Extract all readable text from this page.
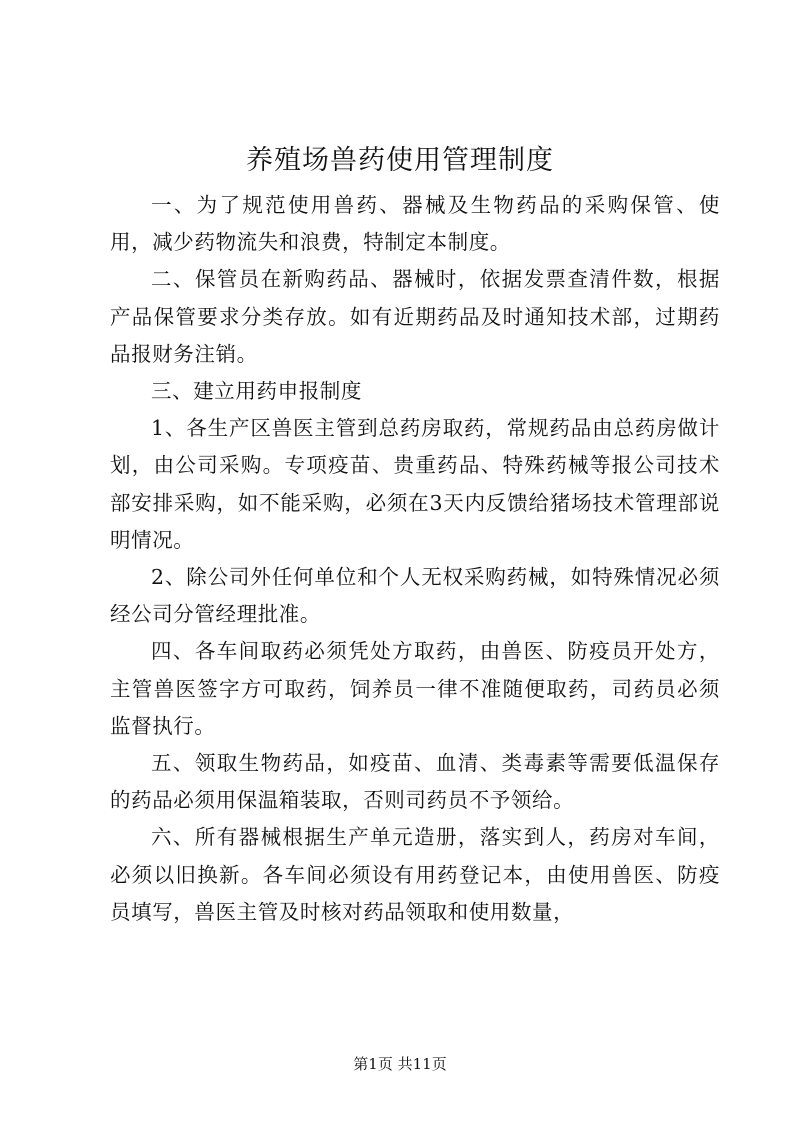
养殖场兽药使用管理制度

一、为了规范使用兽药、器械及生物药品的采购保管、使用，减少药物流失和浪费，特制定本制度。

二、保管员在新购药品、器械时，依据发票查清件数，根据产品保管要求分类存放。如有近期药品及时通知技术部，过期药品报财务注销。

三、建立用药申报制度

1、各生产区兽医主管到总药房取药，常规药品由总药房做计划，由公司采购。专项疫苗、贵重药品、特殊药械等报公司技术部安排采购，如不能采购，必须在3天内反馈给猪场技术管理部说明情况。

2、除公司外任何单位和个人无权采购药械，如特殊情况必须经公司分管经理批准。

四、各车间取药必须凭处方取药，由兽医、防疫员开处方，主管兽医签字方可取药，饲养员一律不准随便取药，司药员必须监督执行。

五、领取生物药品，如疫苗、血清、类毒素等需要低温保存的药品必须用保温箱装取，否则司药员不予领给。

六、所有器械根据生产单元造册，落实到人，药房对车间，必须以旧换新。各车间必须设有用药登记本，由使用兽医、防疫员填写，兽医主管及时核对药品领取和使用数量，

第1页 共11页
